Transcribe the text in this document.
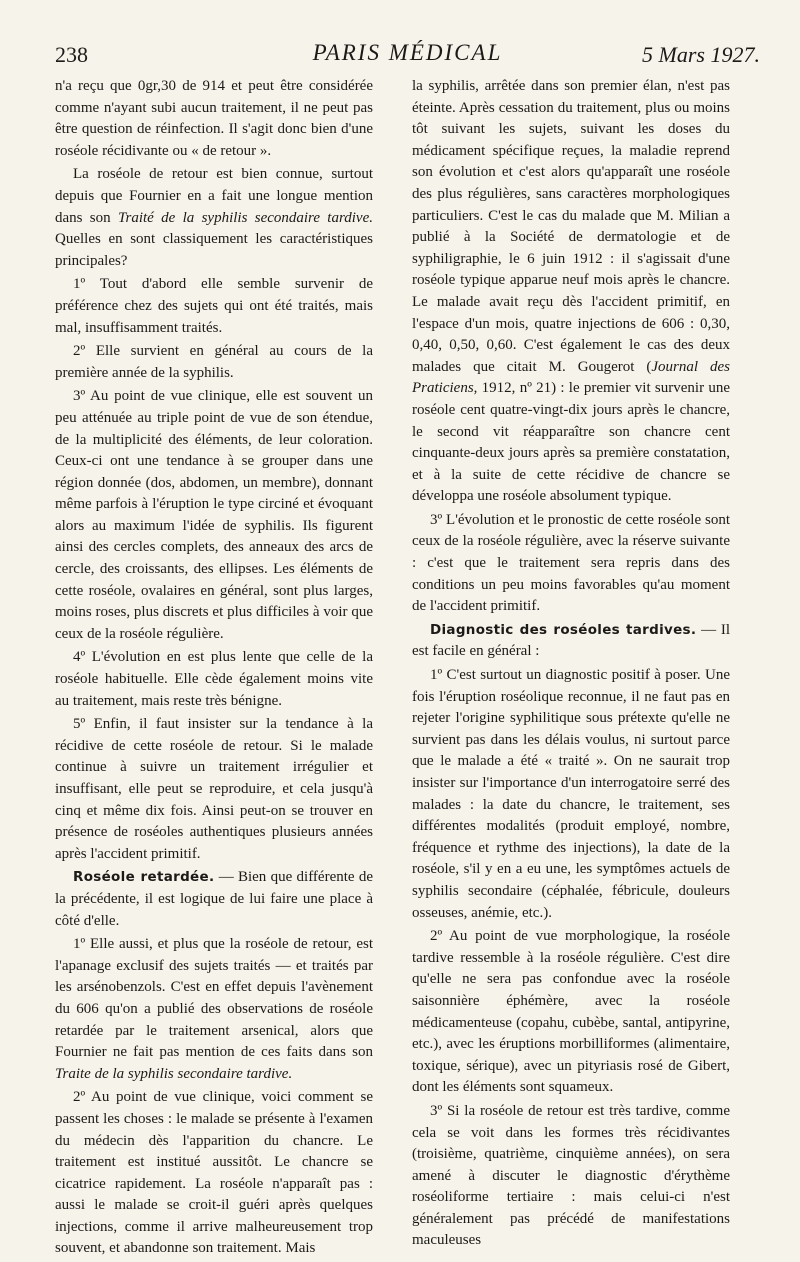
238	PARIS MÉDICAL	5 Mars 1927.

n'a reçu que 0gr,30 de 914 et peut être considérée comme n'ayant subi aucun traitement, il ne peut pas être question de réinfection. Il s'agit donc bien d'une roséole récidivante ou « de retour ».

La roséole de retour est bien connue, surtout depuis que Fournier en a fait une longue mention dans son Traité de la syphilis secondaire tardive. Quelles en sont classiquement les caractéristiques principales?

1º Tout d'abord elle semble survenir de préférence chez des sujets qui ont été traités, mais mal, insuffisamment traités.

2º Elle survient en général au cours de la première année de la syphilis.

3º Au point de vue clinique, elle est souvent un peu atténuée au triple point de vue de son étendue, de la multiplicité des éléments, de leur coloration. Ceux-ci ont une tendance à se grouper dans une région donnée (dos, abdomen, un membre), donnant même parfois à l'éruption le type circiné et évoquant alors au maximum l'idée de syphilis. Ils figurent ainsi des cercles complets, des anneaux des arcs de cercle, des croissants, des ellipses. Les éléments de cette roséole, ovalaires en général, sont plus larges, moins roses, plus discrets et plus difficiles à voir que ceux de la roséole régulière.

4º L'évolution en est plus lente que celle de la roséole habituelle. Elle cède également moins vite au traitement, mais reste très bénigne.

5º Enfin, il faut insister sur la tendance à la récidive de cette roséole de retour. Si le malade continue à suivre un traitement irrégulier et insuffisant, elle peut se reproduire, et cela jusqu'à cinq et même dix fois. Ainsi peut-on se trouver en présence de roséoles authentiques plusieurs années après l'accident primitif.

Roséole retardée. — Bien que différente de la précédente, il est logique de lui faire une place à côté d'elle.

1º Elle aussi, et plus que la roséole de retour, est l'apanage exclusif des sujets traités — et traités par les arsénobenzols. C'est en effet depuis l'avènement du 606 qu'on a publié des observations de roséole retardée par le traitement arsenical, alors que Fournier ne fait pas mention de ces faits dans son Traite de la syphilis secondaire tardive.

2º Au point de vue clinique, voici comment se passent les choses : le malade se présente à l'examen du médecin dès l'apparition du chancre. Le traitement est institué aussitôt. Le chancre se cicatrice rapidement. La roséole n'apparaît pas : aussi le malade se croit-il guéri après quelques injections, comme il arrive malheureusement trop souvent, et abandonne son traitement. Mais

la syphilis, arrêtée dans son premier élan, n'est pas éteinte. Après cessation du traitement, plus ou moins tôt suivant les sujets, suivant les doses du médicament spécifique reçues, la maladie reprend son évolution et c'est alors qu'apparaît une roséole des plus régulières, sans caractères morphologiques particuliers. C'est le cas du malade que M. Milian a publié à la Société de dermatologie et de syphiligraphie, le 6 juin 1912 : il s'agissait d'une roséole typique apparue neuf mois après le chancre. Le malade avait reçu dès l'accident primitif, en l'espace d'un mois, quatre injections de 606 : 0,30, 0,40, 0,50, 0,60. C'est également le cas des deux malades que citait M. Gougerot (Journal des Praticiens, 1912, nº 21) : le premier vit survenir une roséole cent quatre-vingt-dix jours après le chancre, le second vit réapparaître son chancre cent cinquante-deux jours après sa première constatation, et à la suite de cette récidive de chancre se développa une roséole absolument typique.

3º L'évolution et le pronostic de cette roséole sont ceux de la roséole régulière, avec la réserve suivante : c'est que le traitement sera repris dans des conditions un peu moins favorables qu'au moment de l'accident primitif.

Diagnostic des roséoles tardives. — Il est facile en général :

1º C'est surtout un diagnostic positif à poser. Une fois l'éruption roséolique reconnue, il ne faut pas en rejeter l'origine syphilitique sous prétexte qu'elle ne survient pas dans les délais voulus, ni surtout parce que le malade a été « traité ». On ne saurait trop insister sur l'importance d'un interrogatoire serré des malades : la date du chancre, le traitement, ses différentes modalités (produit employé, nombre, fréquence et rythme des injections), la date de la roséole, s'il y en a eu une, les symptômes actuels de syphilis secondaire (céphalée, fébricule, douleurs osseuses, anémie, etc.).

2º Au point de vue morphologique, la roséole tardive ressemble à la roséole régulière. C'est dire qu'elle ne sera pas confondue avec la roséole saisonnière éphémère, avec la roséole médicamenteuse (copahu, cubèbe, santal, antipyrine, etc.), avec les éruptions morbilliformes (alimentaire, toxique, sérique), avec un pityriasis rosé de Gibert, dont les éléments sont squameux.

3º Si la roséole de retour est très tardive, comme cela se voit dans les formes très récidivantes (troisième, quatrième, cinquième années), on sera amené à discuter le diagnostic d'érythème roséoliforme tertiaire : mais celui-ci n'est généralement pas précédé de manifestations maculeuses
